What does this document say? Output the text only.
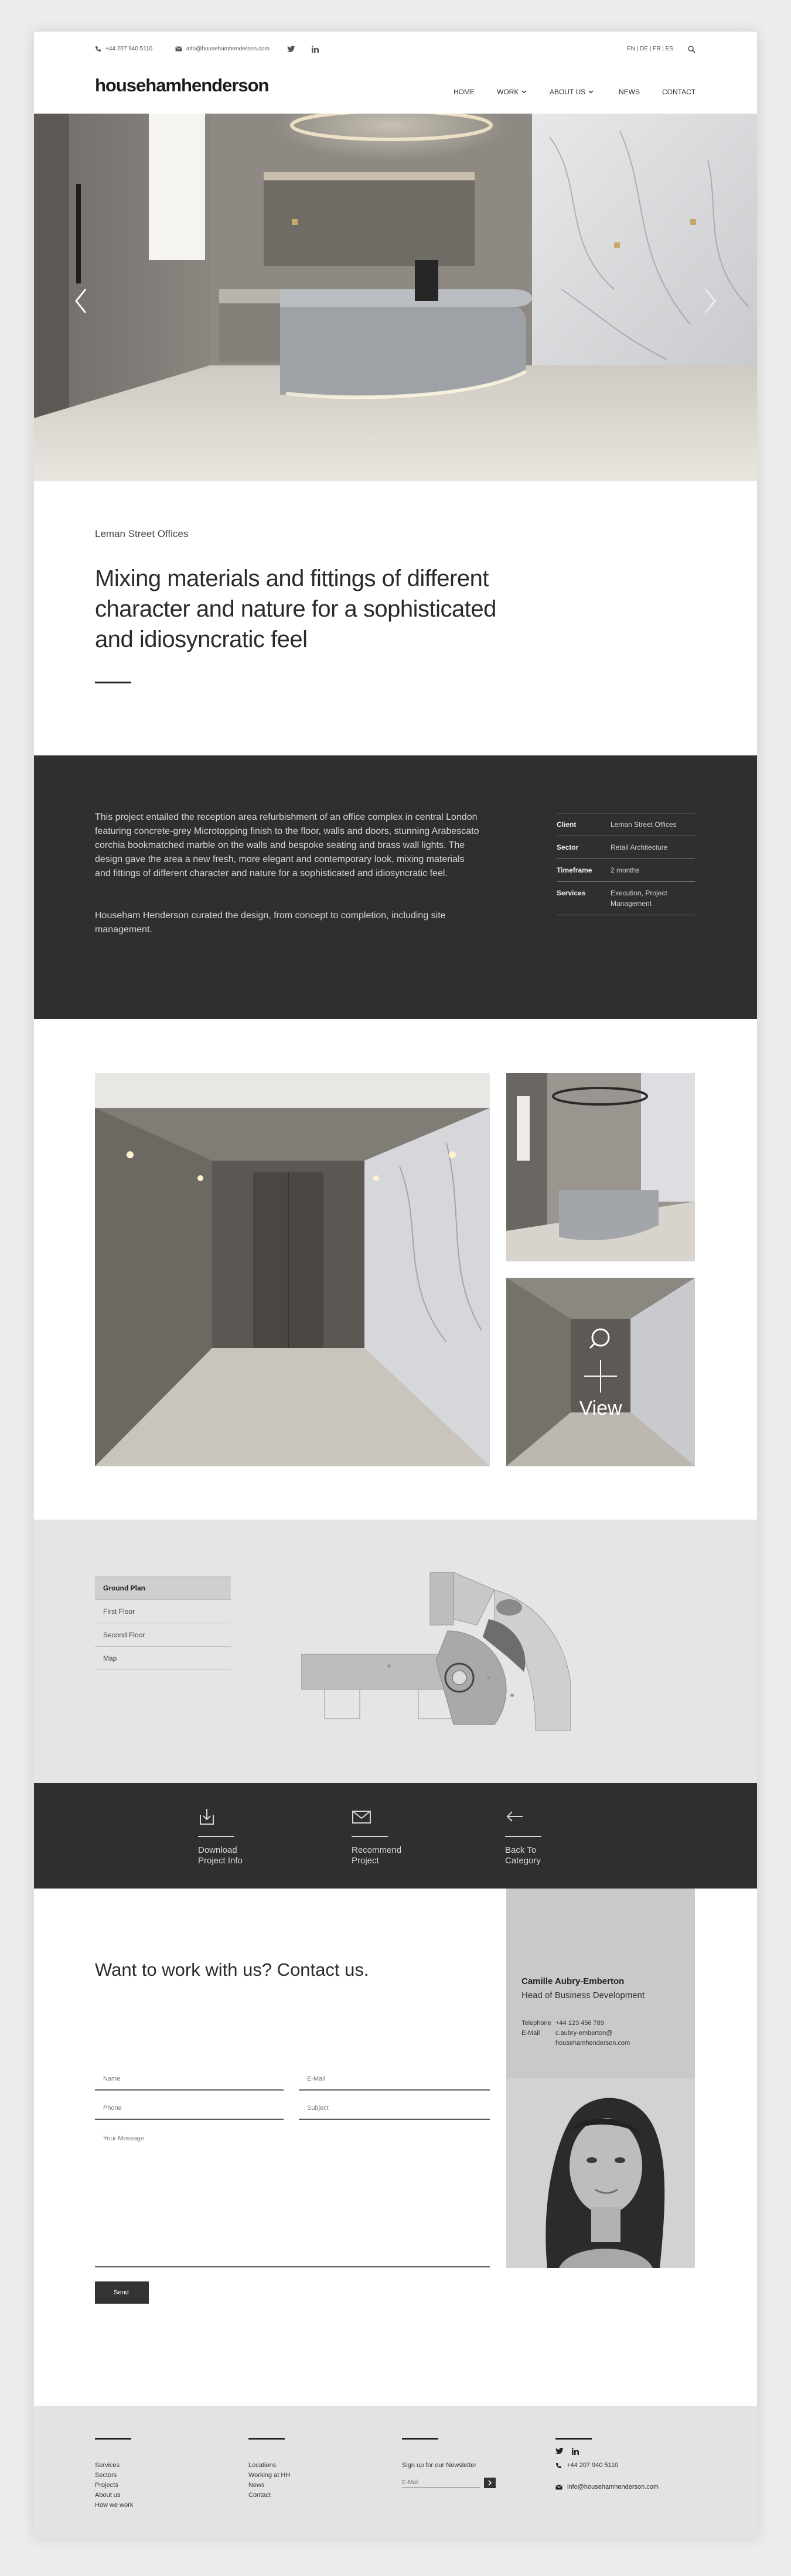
+44 207 940 5110	info@househamhenderson.com	EN | DE | FR | ES
househamhenderson	HOME	WORK	ABOUT US	NEWS	CONTACT
Leman Street Offices
Mixing materials and fittings of different character and nature for a sophisticated and idiosyncratic feel

This project entailed the reception area refurbishment of an office complex in central London featuring concrete-grey Microtopping finish to the floor, walls and doors, stunning Arabescato corchia bookmatched marble on the walls and bespoke seating and brass wall lights. The design gave the area a new fresh, more elegant and contemporary look, mixing materials and fittings of different character and nature for a sophisticated and idiosyncratic feel.

Househam Henderson curated the design, from concept to completion, including site management.

Client	Leman Street Offices
Sector	Retail Architecture
Timeframe	2 months
Services	Execution, Project Management
View
Ground Plan
First Floor
Second Floor
Map
Download Project Info
Recommend Project
Back To Category
Want to work with us? Contact us.
Name
E-Mail
Phone
Subject
Your Message
Send
Camille Aubry-Emberton
Head of Business Development
Telephone +44 123 456 789
E-Mail c.aubry-emberton@
househamhenderson.com
Services
Sectors
Projects
About us
How we work
Locations
Working at HH
News
Contact
Sign up for our Newsletter
E-Mail	+44 207 940 5110
info@househamhenderson.com
